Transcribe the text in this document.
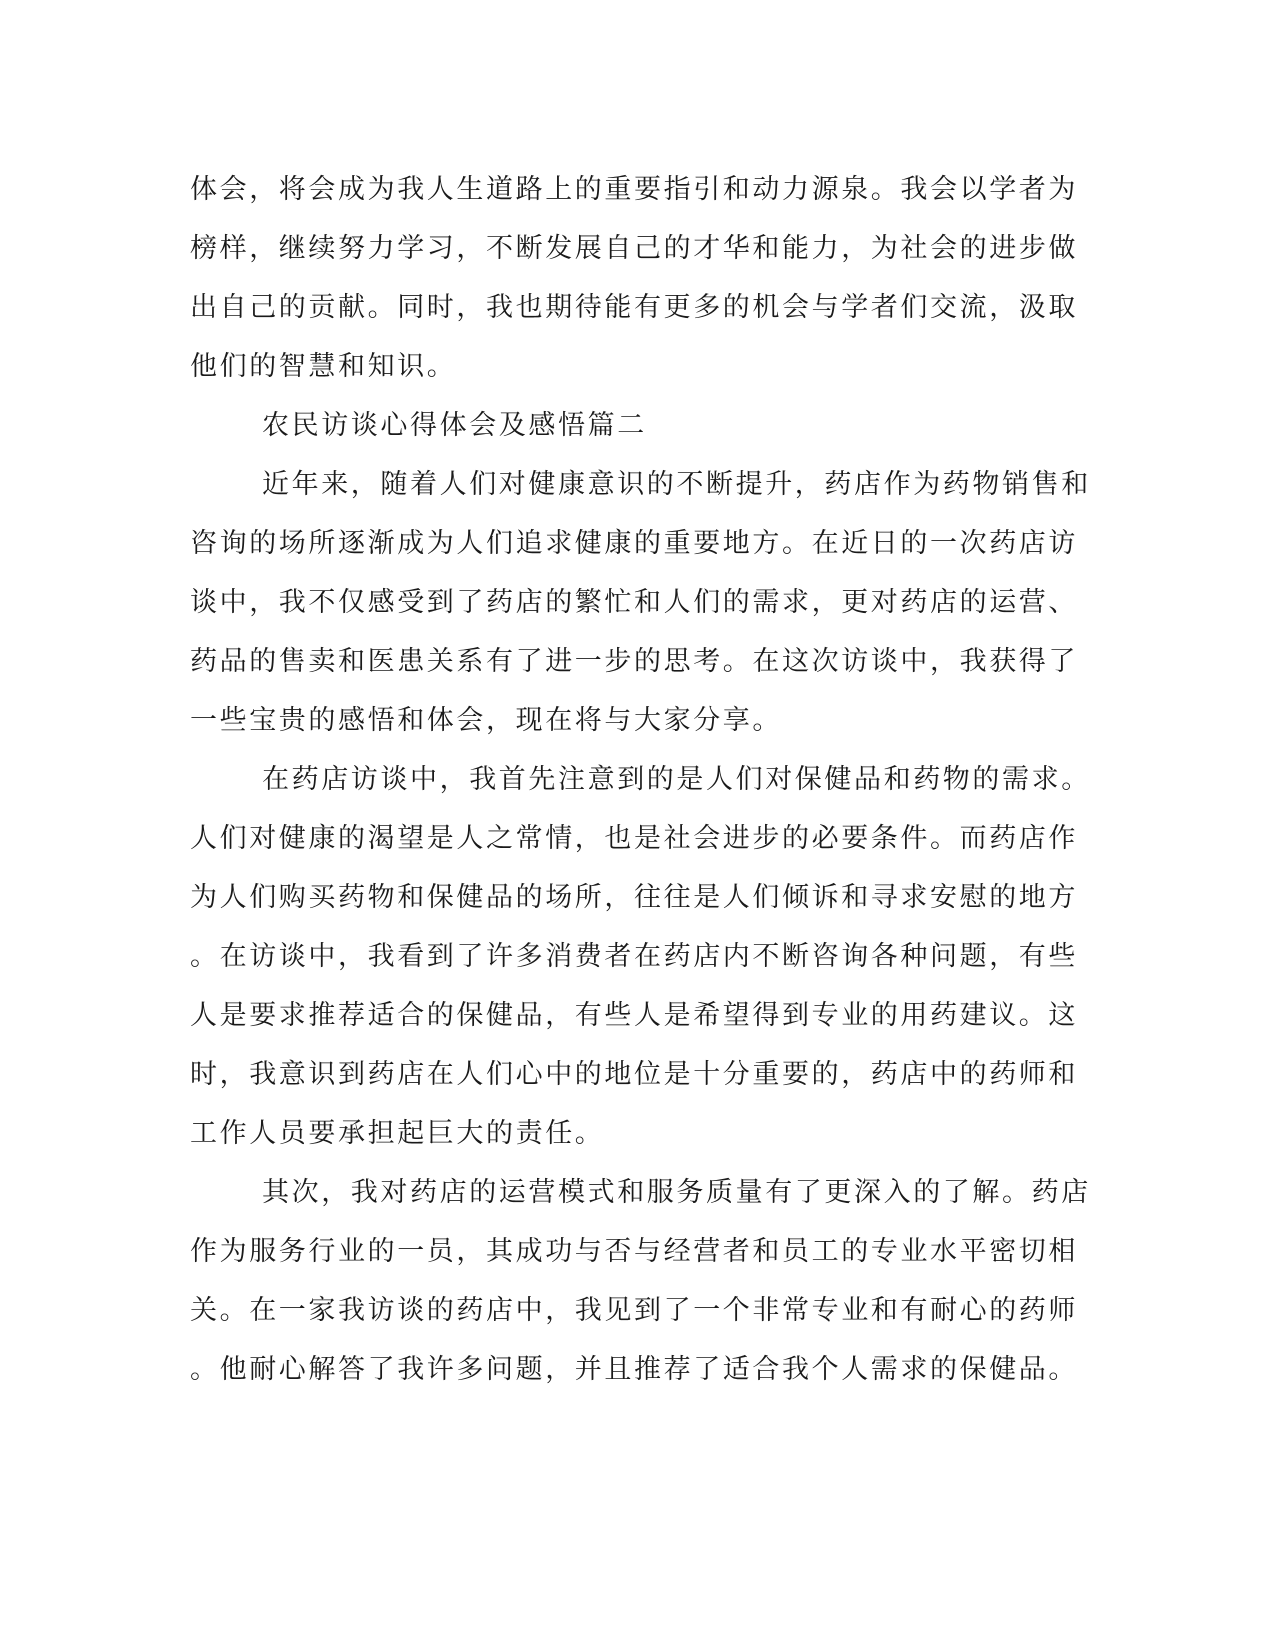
体会，将会成为我人生道路上的重要指引和动力源泉。我会以学者为
榜样，继续努力学习，不断发展自己的才华和能力，为社会的进步做
出自己的贡献。同时，我也期待能有更多的机会与学者们交流，汲取
他们的智慧和知识。
农民访谈心得体会及感悟篇二
近年来，随着人们对健康意识的不断提升，药店作为药物销售和
咨询的场所逐渐成为人们追求健康的重要地方。在近日的一次药店访
谈中，我不仅感受到了药店的繁忙和人们的需求，更对药店的运营、
药品的售卖和医患关系有了进一步的思考。在这次访谈中，我获得了
一些宝贵的感悟和体会，现在将与大家分享。
在药店访谈中，我首先注意到的是人们对保健品和药物的需求。
人们对健康的渴望是人之常情，也是社会进步的必要条件。而药店作
为人们购买药物和保健品的场所，往往是人们倾诉和寻求安慰的地方
。在访谈中，我看到了许多消费者在药店内不断咨询各种问题，有些
人是要求推荐适合的保健品，有些人是希望得到专业的用药建议。这
时，我意识到药店在人们心中的地位是十分重要的，药店中的药师和
工作人员要承担起巨大的责任。
其次，我对药店的运营模式和服务质量有了更深入的了解。药店
作为服务行业的一员，其成功与否与经营者和员工的专业水平密切相
关。在一家我访谈的药店中，我见到了一个非常专业和有耐心的药师
。他耐心解答了我许多问题，并且推荐了适合我个人需求的保健品。
